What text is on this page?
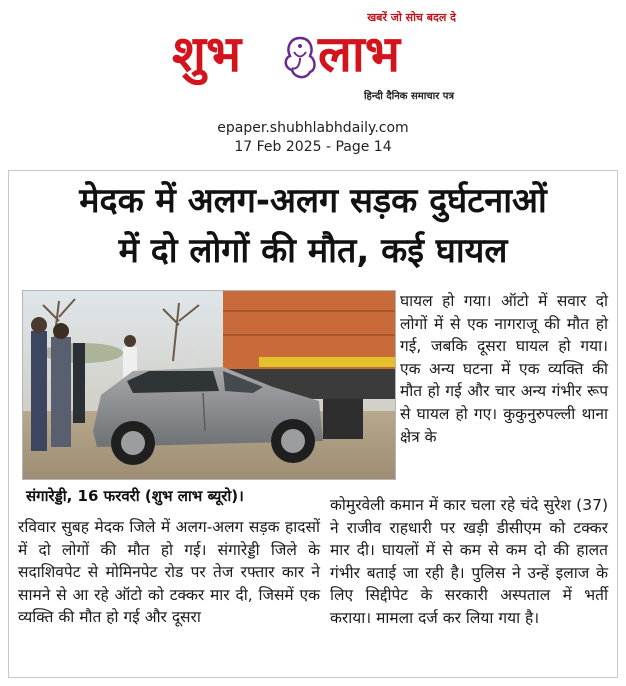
खबरें जो सोच बदल दे
शुभ लाभ
हिन्दी दैनिक समाचार पत्र
epaper.shubhlabhdaily.com
17 Feb 2025 - Page 14
मेदक में अलग-अलग सड़क दुर्घटनाओं
में दो लोगों की मौत, कई घायल

घायल हो गया। ऑटो में सवार दो लोगों में से एक नागराजू की मौत हो गई, जबकि दूसरा घायल हो गया। एक अन्य घटना में एक व्यक्ति की मौत हो गई और चार अन्य गंभीर रूप से घायल हो गए। कुकुनुरुपल्ली थाना क्षेत्र के

संगारेड्डी, 16 फरवरी (शुभ लाभ ब्यूरो)।

रविवार सुबह मेदक जिले में अलग-अलग सड़क हादसों में दो लोगों की मौत हो गई। संगारेड्डी जिले के सदाशिवपेट से मोमिनपेट रोड पर तेज रफ्तार कार ने सामने से आ रहे ऑटो को टक्कर मार दी, जिसमें एक व्यक्ति की मौत हो गई और दूसरा

कोमुरवेली कमान में कार चला रहे चंदे सुरेश (37) ने राजीव राहधारी पर खड़ी डीसीएम को टक्कर मार दी। घायलों में से कम से कम दो की हालत गंभीर बताई जा रही है। पुलिस ने उन्हें इलाज के लिए सिद्दीपेट के सरकारी अस्पताल में भर्ती कराया। मामला दर्ज कर लिया गया है।
